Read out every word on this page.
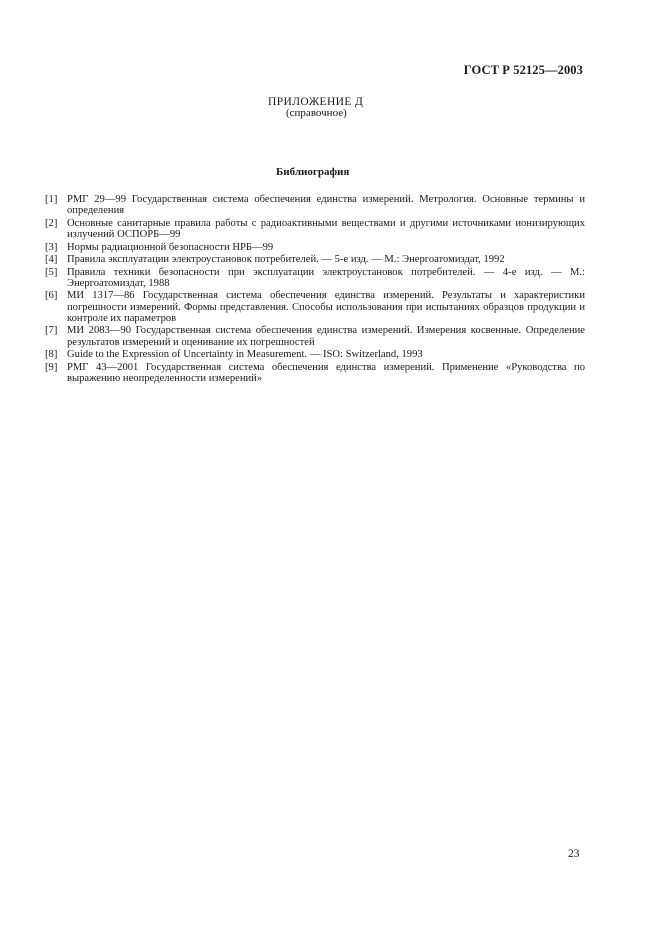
ГОСТ Р 52125—2003
ПРИЛОЖЕНИЕ Д
(справочное)
Библиография
[1] РМГ 29—99 Государственная система обеспечения единства измерений. Метрология. Основные термины и определения
[2] Основные санитарные правила работы с радиоактивными веществами и другими источниками ионизирующих излучений ОСПОРБ—99
[3] Нормы радиационной безопасности НРБ—99
[4] Правила эксплуатации электроустановок потребителей. — 5-е изд. — М.: Энергоатомиздат, 1992
[5] Правила техники безопасности при эксплуатации электроустановок потребителей. — 4-е изд. — М.: Энергоатомиздат, 1988
[6] МИ 1317—86 Государственная система обеспечения единства измерений. Результаты и характеристики погрешности измерений. Формы представления. Способы использования при испытаниях образцов продукции и контроле их параметров
[7] МИ 2083—90 Государственная система обеспечения единства измерений. Измерения косвенные. Определение результатов измерений и оценивание их погрешностей
[8] Guide to the Expression of Uncertainty in Measurement. — ISO: Switzerland, 1993
[9] РМГ 43—2001 Государственная система обеспечения единства измерений. Применение «Руководства по выражению неопределенности измерений»
23
